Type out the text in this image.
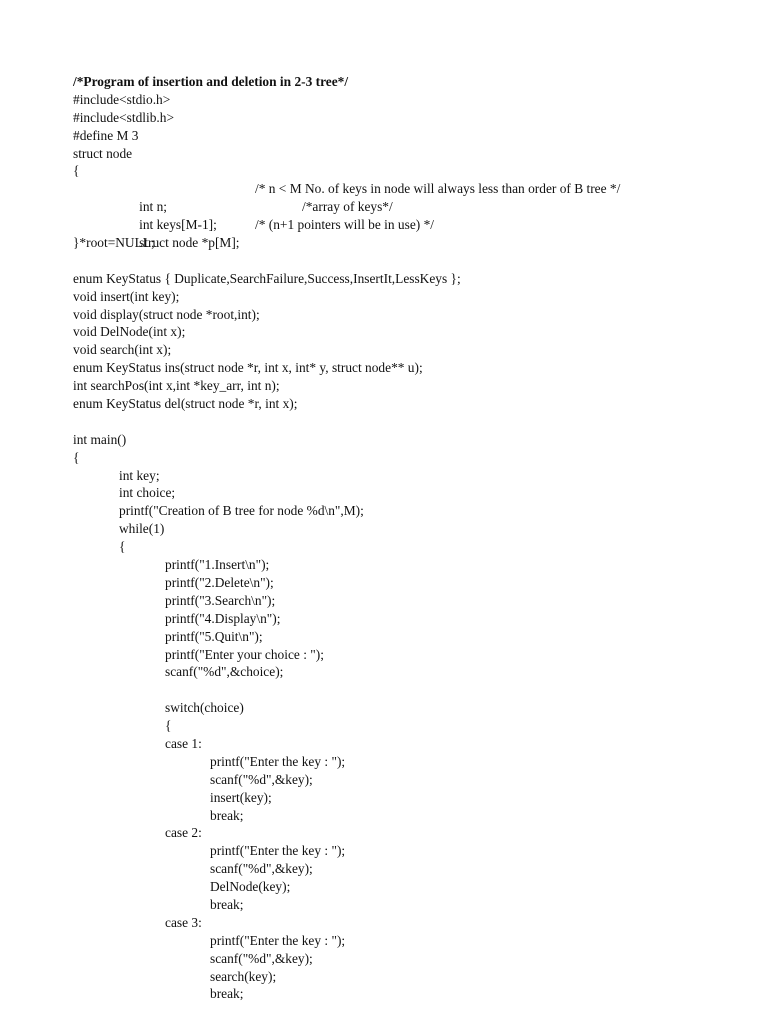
/*Program of insertion and deletion in 2-3 tree*/
#include<stdio.h>
#include<stdlib.h>
#define M 3
struct node
{

int n;

/* n < M No. of keys in node will always less than order of B tree */

int keys[M-1];

/*array of keys*/

struct node *p[M];

/* (n+1 pointers will be in use) */

}*root=NULL;
enum KeyStatus { Duplicate,SearchFailure,Success,InsertIt,LessKeys };
void insert(int key);
void display(struct node *root,int);
void DelNode(int x);
void search(int x);
enum KeyStatus ins(struct node *r, int x, int* y, struct node** u);
int searchPos(int x,int *key_arr, int n);
enum KeyStatus del(struct node *r, int x);
int main()
{
int key;
int choice;
printf("Creation of B tree for node %d\n",M);
while(1)
{
printf("1.Insert\n");
printf("2.Delete\n");
printf("3.Search\n");
printf("4.Display\n");
printf("5.Quit\n");
printf("Enter your choice : ");
scanf("%d",&choice);
switch(choice)
{
case 1:
printf("Enter the key : ");
scanf("%d",&key);
insert(key);
break;
case 2:
printf("Enter the key : ");
scanf("%d",&key);
DelNode(key);
break;
case 3:
printf("Enter the key : ");
scanf("%d",&key);
search(key);
break;
